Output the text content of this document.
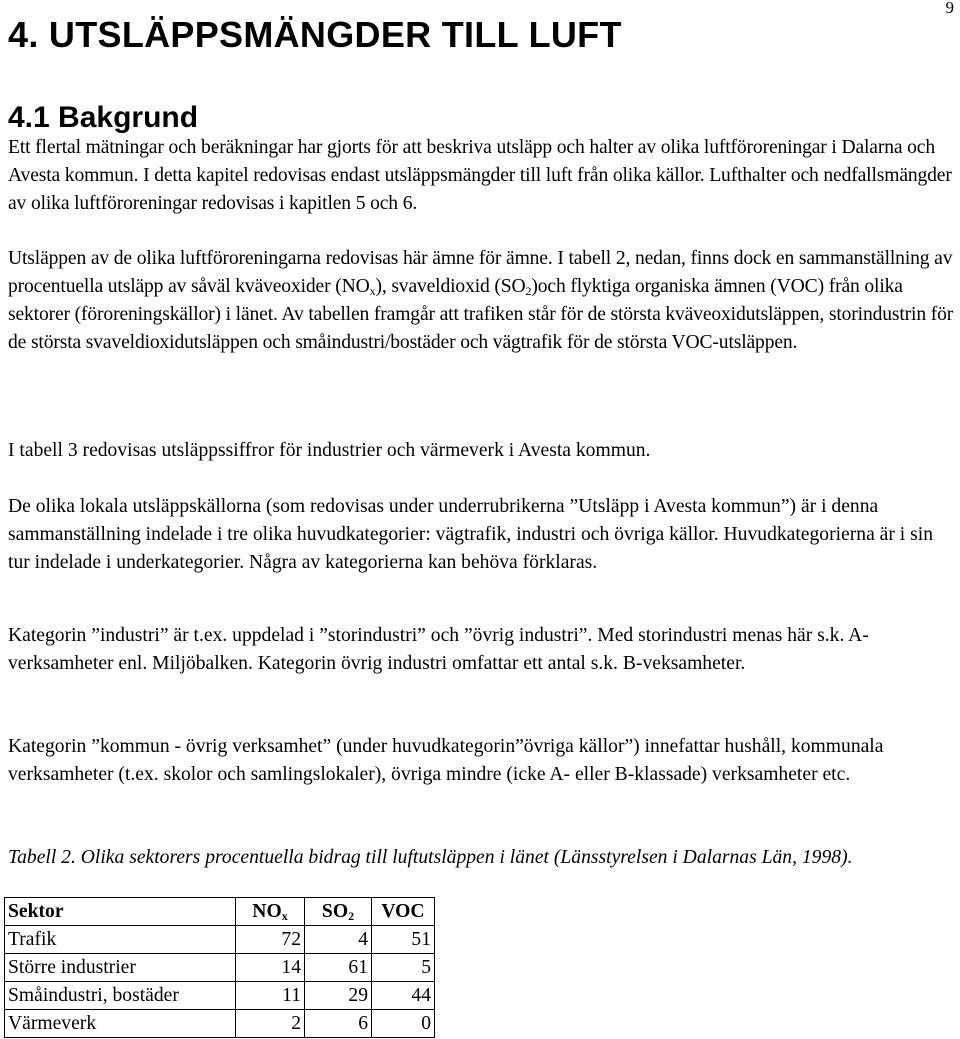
9
4. UTSLÄPPSMÄNGDER TILL LUFT
4.1 Bakgrund

Ett flertal mätningar och beräkningar har gjorts för att beskriva utsläpp och halter av olika luftföroreningar i Dalarna och Avesta kommun. I detta kapitel redovisas endast utsläppsmängder till luft från olika källor. Lufthalter och nedfallsmängder av olika luftföroreningar redovisas i kapitlen 5 och 6.

Utsläppen av de olika luftföroreningarna redovisas här ämne för ämne. I tabell 2, nedan, finns dock en sammanställning av procentuella utsläpp av såväl kväveoxider $(NO_x)$, svaveldioxid $(SO_2)och$ flyktiga organiska ämnen (VOC) från olika sektorer (föroreningskällor) i länet. Av tabellen framgår att trafiken står för de största kväveoxidutsläppen, storindustrin för de största svaveldioxidutsläppen och småindustri/bostäder och vägtrafik för de största VOC-utsläppen.

I tabell 3 redovisas utsläppssiffror för industrier och värmeverk i Avesta kommun.

De olika lokala utsläppskällorna (som redovisas under underrubrikerna ”Utsläpp i Avesta kommun”) är i denna sammanställning indelade i tre olika huvudkategorier: vägtrafik, industri och övriga källor. Huvudkategorierna är i sin tur indelade i underkategorier. Några av kategorierna kan behöva förklaras.

Kategorin ”industri” är t.ex. uppdelad i ”storindustri” och ”övrig industri”. Med storindustri menas här s.k. A-verksamheter enl. Miljöbalken. Kategorin övrig industri omfattar ett antal s.k. B-veksamheter.

Kategorin ”kommun - övrig verksamhet” (under huvudkategorin”övriga källor”) innefattar hushåll, kommunala verksamheter (t.ex. skolor och samlingslokaler), övriga mindre (icke A- eller B-klassade) verksamheter etc.

Tabell 2. Olika sektorers procentuella bidrag till luftutsläppen i länet (Länsstyrelsen i Dalarnas Län, 1998).

Sektor	$NO_x$	$SO_2$	VOC
Trafik	72	4	51
Större industrier	14	61	5
Småindustri, bostäder	11	29	44
Värmeverk	2	6	0
